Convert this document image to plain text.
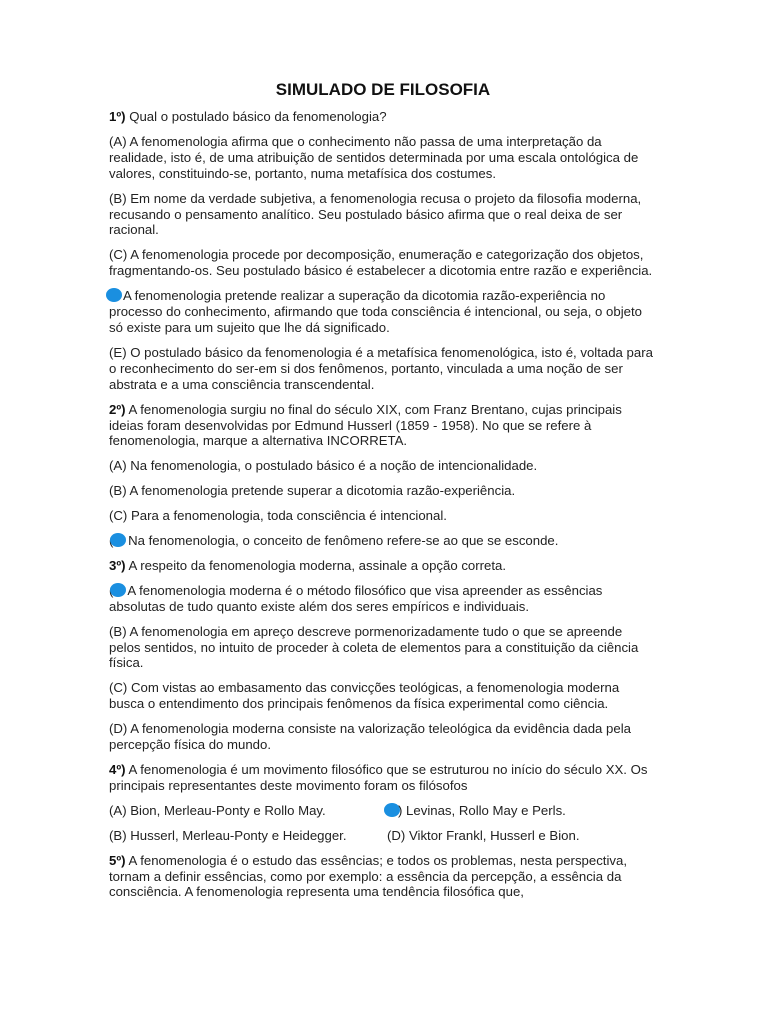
SIMULADO DE FILOSOFIA

1º) Qual o postulado básico da fenomenologia?

(A) A fenomenologia afirma que o conhecimento não passa de uma interpretação da realidade, isto é, de uma atribuição de sentidos determinada por uma escala ontológica de valores, constituindo-se, portanto, numa metafísica dos costumes.

(B) Em nome da verdade subjetiva, a fenomenologia recusa o projeto da filosofia moderna, recusando o pensamento analítico. Seu postulado básico afirma que o real deixa de ser racional.

(C) A fenomenologia procede por decomposição, enumeração e categorização dos objetos, fragmentando-os. Seu postulado básico é estabelecer a dicotomia entre razão e experiência.

A fenomenologia pretende realizar a superação da dicotomia razão-experiência no processo do conhecimento, afirmando que toda consciência é intencional, ou seja, o objeto só existe para um sujeito que lhe dá significado.

(E) O postulado básico da fenomenologia é a metafísica fenomenológica, isto é, voltada para o reconhecimento do ser-em si dos fenômenos, portanto, vinculada a uma noção de ser abstrata e a uma consciência transcendental.

2º) A fenomenologia surgiu no final do século XIX, com Franz Brentano, cujas principais ideias foram desenvolvidas por Edmund Husserl (1859 - 1958). No que se refere à fenomenologia, marque a alternativa INCORRETA.

(A) Na fenomenologia, o postulado básico é a noção de intencionalidade.

(B) A fenomenologia pretende superar a dicotomia razão-experiência.

(C) Para a fenomenologia, toda consciência é intencional.

Na fenomenologia, o conceito de fenômeno refere-se ao que se esconde.

3º) A respeito da fenomenologia moderna, assinale a opção correta.

A fenomenologia moderna é o método filosófico que visa apreender as essências absolutas de tudo quanto existe além dos seres empíricos e individuais.

(B) A fenomenologia em apreço descreve pormenorizadamente tudo o que se apreende pelos sentidos, no intuito de proceder à coleta de elementos para a constituição da ciência física.

(C) Com vistas ao embasamento das convicções teológicas, a fenomenologia moderna busca o entendimento dos principais fenômenos da física experimental como ciência.

(D) A fenomenologia moderna consiste na valorização teleológica da evidência dada pela percepção física do mundo.

4º) A fenomenologia é um movimento filosófico que se estruturou no início do século XX. Os principais representantes deste movimento foram os filósofos

(A) Bion, Merleau-Ponty e Rollo May.	) Levinas, Rollo May e Perls.
(B) Husserl, Merleau-Ponty e Heidegger.	(D) Viktor Frankl, Husserl e Bion.

5º) A fenomenologia é o estudo das essências; e todos os problemas, nesta perspectiva, tornam a definir essências, como por exemplo: a essência da percepção, a essência da consciência. A fenomenologia representa uma tendência filosófica que,
